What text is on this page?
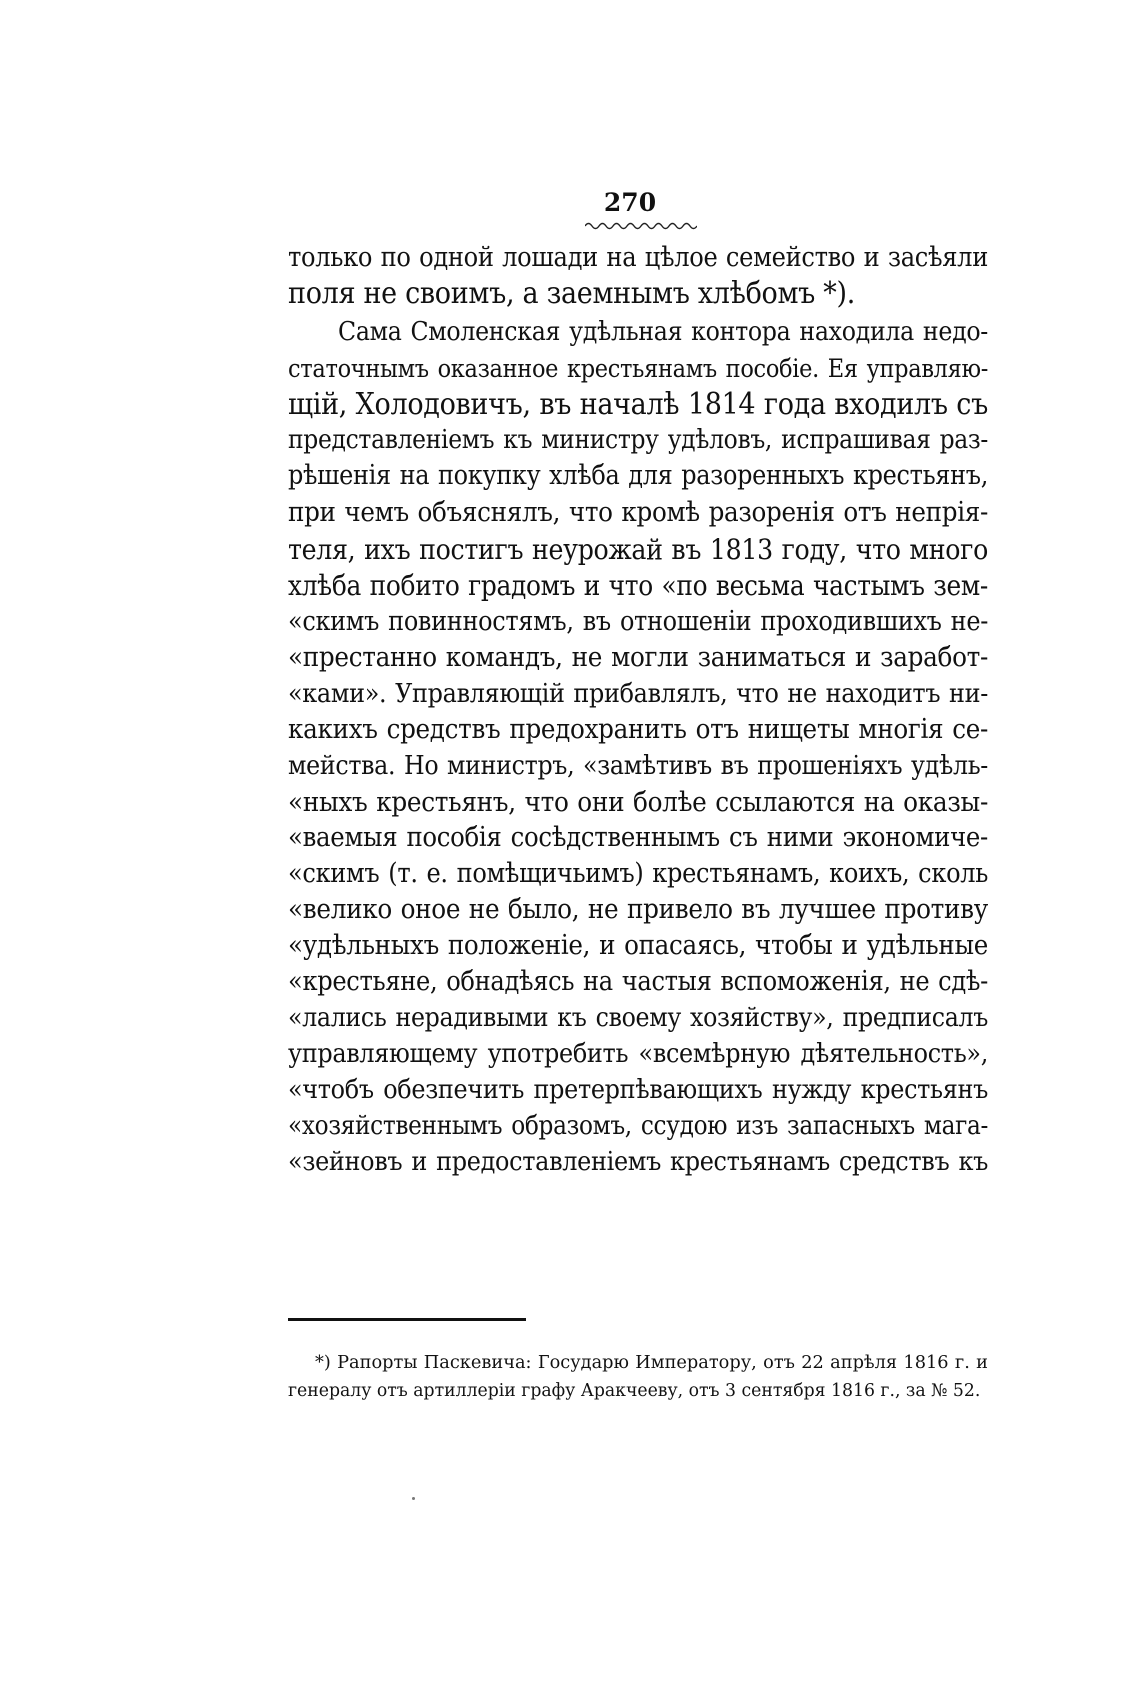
270
только по одной лошади на цѣлое семейство и засѣяли
поля не своимъ, а заемнымъ хлѣбомъ *).
Сама Смоленская удѣльная контора находила недо-
статочнымъ оказанное крестьянамъ пособіе. Ея управляю-
щій, Холодовичъ, въ началѣ 1814 года входилъ съ
представленіемъ къ министру удѣловъ, испрашивая раз-
рѣшенія на покупку хлѣба для разоренныхъ крестьянъ,
при чемъ объяснялъ, что кромѣ разоренія отъ непрія-
теля, ихъ постигъ неурожай въ 1813 году, что много
хлѣба побито градомъ и что «по весьма частымъ зем-
«скимъ повинностямъ, въ отношеніи проходившихъ не-
«престанно командъ, не могли заниматься и заработ-
«ками». Управляющій прибавлялъ, что не находитъ ни-
какихъ средствъ предохранить отъ нищеты многія се-
мейства. Но министръ, «замѣтивъ въ прошеніяхъ удѣль-
«ныхъ крестьянъ, что они болѣе ссылаются на оказы-
«ваемыя пособія сосѣдственнымъ съ ними экономиче-
«скимъ (т. е. помѣщичьимъ) крестьянамъ, коихъ, сколь
«велико оное не было, не привело въ лучшее противу
«удѣльныхъ положеніе, и опасаясь, чтобы и удѣльные
«крестьяне, обнадѣясь на частыя вспоможенія, не сдѣ-
«лались нерадивыми къ своему хозяйству», предписалъ
управляющему употребить «всемѣрную дѣятельность»,
«чтобъ обезпечить претерпѣвающихъ нужду крестьянъ
«хозяйственнымъ образомъ, ссудою изъ запасныхъ мага-
«зейновъ и предоставленіемъ крестьянамъ средствъ къ
*) Рапорты Паскевича: Государю Императору, отъ 22 апрѣля 1816 г. и
генералу отъ артиллеріи графу Аракчееву, отъ 3 сентября 1816 г., за № 52.
